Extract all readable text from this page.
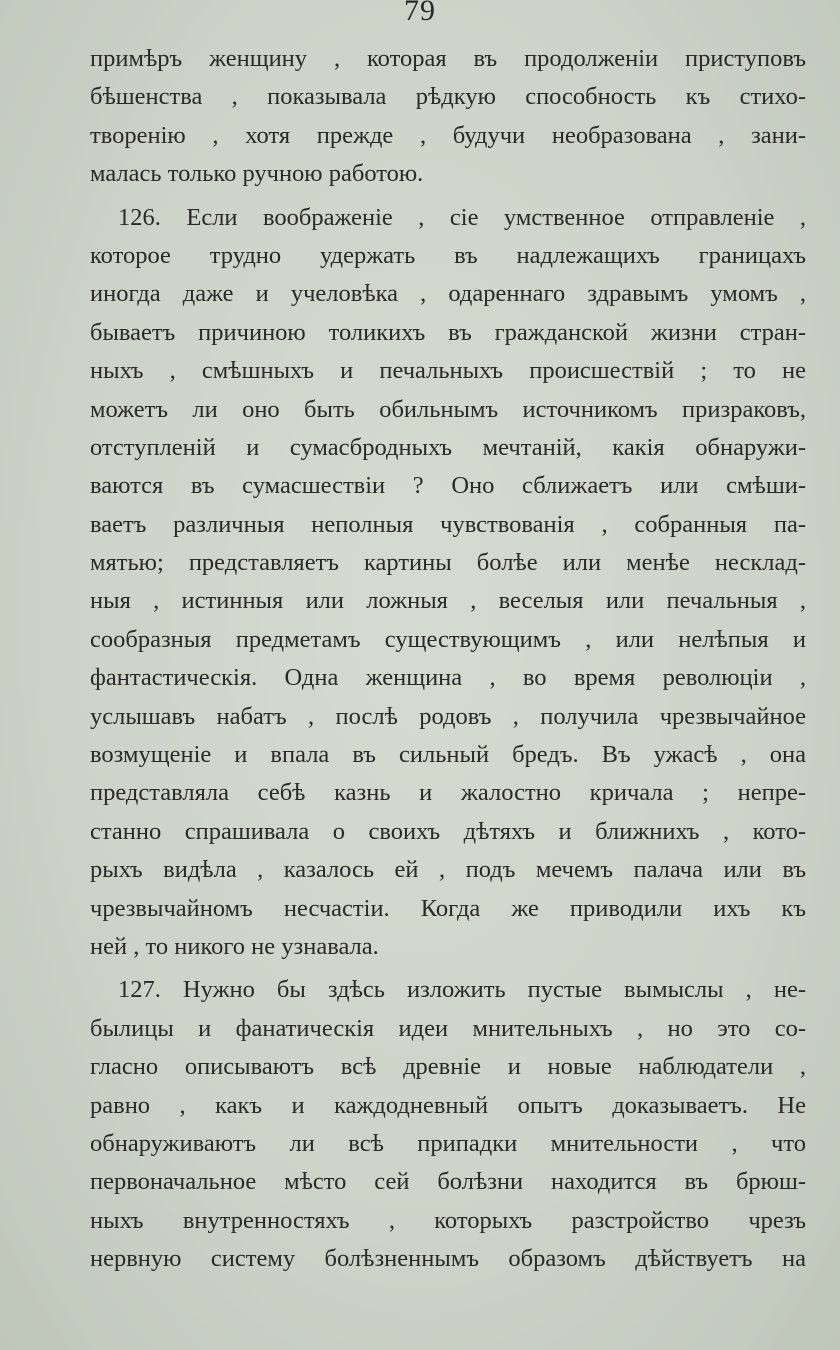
79
примѣръ женщину , которая въ продолженіи приступовъ
бѣшенства , показывала рѣдкую способность къ стихо-
творенію , хотя прежде , будучи необразована , зани-
малась только ручною работою.
126. Если воображеніе , сіе умственное отправленіе ,
которое трудно удержать въ надлежащихъ границахъ
иногда даже и учеловѣка , одареннаго здравымъ умомъ ,
бываетъ причиною толикихъ въ гражданской жизни стран-
ныхъ , смѣшныхъ и печальныхъ происшествій ; то не
можетъ ли оно быть обильнымъ источникомъ призраковъ,
отступленій и сумасбродныхъ мечтаній, какія обнаружи-
ваются въ сумасшествіи ? Оно сближаетъ или смѣши-
ваетъ различныя неполныя чувствованія , собранныя па-
мятью; представляетъ картины болѣе или менѣе несклад-
ныя , истинныя или ложныя , веселыя или печальныя ,
сообразныя предметамъ существующимъ , или нелѣпыя и
фантастическія. Одна женщина , во время революціи ,
услышавъ набатъ , послѣ родовъ , получила чрезвычайное
возмущеніе и впала въ сильный бредъ. Въ ужасѣ , она
представляла себѣ казнь и жалостно кричала ; непре-
станно спрашивала о своихъ дѣтяхъ и ближнихъ , кото-
рыхъ видѣла , казалось ей , подъ мечемъ палача или въ
чрезвычайномъ несчастіи. Когда же приводили ихъ къ
ней , то никого не узнавала.
127. Нужно бы здѣсь изложить пустые вымыслы , не-
былицы и фанатическія идеи мнительныхъ , но это со-
гласно описываютъ всѣ древніе и новые наблюдатели ,
равно , какъ и каждодневный опытъ доказываетъ. Не
обнаруживаютъ ли всѣ припадки мнительности , что
первоначальное мѣсто сей болѣзни находится въ брюш-
ныхъ внутренностяхъ , которыхъ разстройство чрезъ
нервную систему болѣзненнымъ образомъ дѣйствуетъ на
